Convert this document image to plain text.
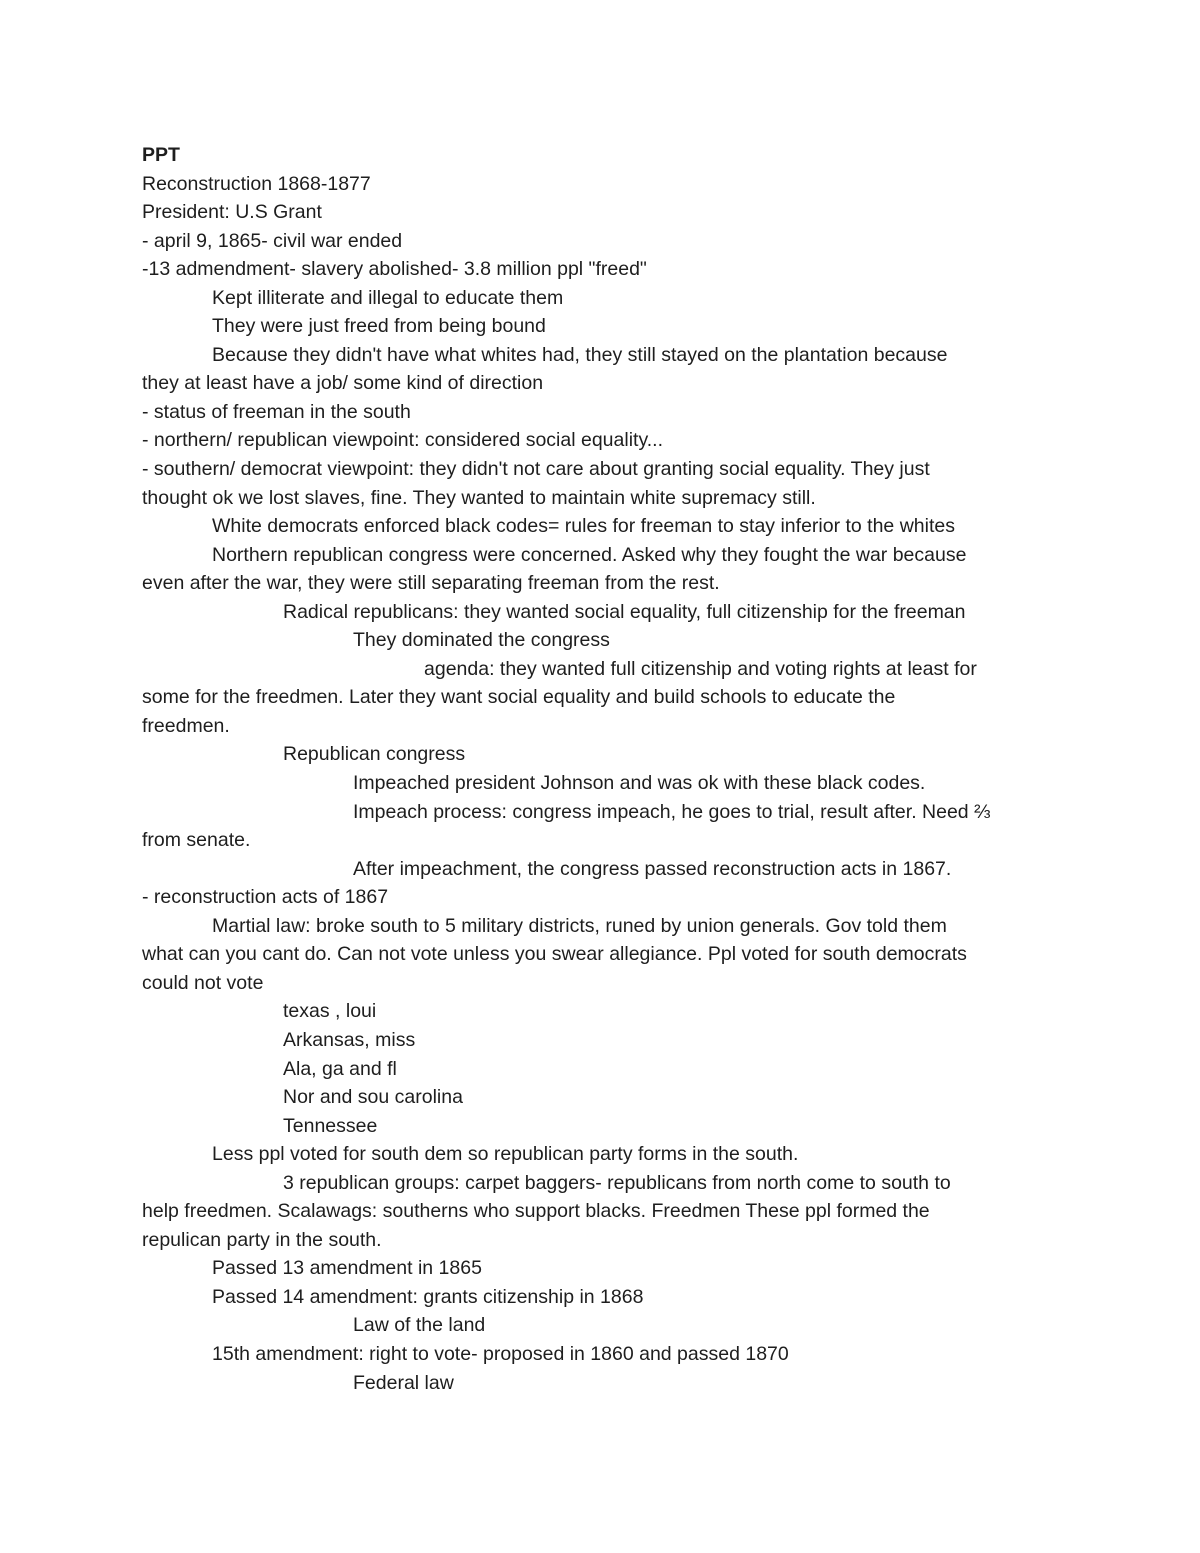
PPT
Reconstruction 1868-1877
President: U.S Grant
- april 9, 1865- civil war ended
-13 admendment- slavery abolished- 3.8 million ppl "freed"
Kept illiterate and illegal to educate them
They were just freed from being bound
Because they didn't have what whites had, they still stayed on the plantation because
they at least have a job/ some kind of direction
- status of freeman in the south
- northern/ republican viewpoint: considered social equality...
- southern/ democrat viewpoint: they didn't not care about granting social equality. They just
thought ok we lost slaves, fine. They wanted to maintain white supremacy still.
White democrats enforced black codes= rules for freeman to stay inferior to the whites
Northern republican congress were concerned. Asked why they fought the war because
even after the war, they were still separating freeman from the rest.
Radical republicans: they wanted social equality, full citizenship for the freeman
They dominated the congress
agenda: they wanted full citizenship and voting rights at least for
some for the freedmen. Later they want social equality and build schools to educate the
freedmen.
Republican congress
Impeached president Johnson and was ok with these black codes.
Impeach process: congress impeach, he goes to trial, result after. Need ⅔
from senate.
After impeachment, the congress passed reconstruction acts in 1867.
- reconstruction acts of 1867
Martial law: broke south to 5 military districts, runed by union generals. Gov told them
what can you cant do. Can not vote unless you swear allegiance. Ppl voted for south democrats
could not vote
texas , loui
Arkansas, miss
Ala, ga and fl
Nor and sou carolina
Tennessee
Less ppl voted for south dem so republican party forms in the south.
3 republican groups: carpet baggers- republicans from north come to south to
help freedmen. Scalawags: southerns who support blacks. Freedmen These ppl formed the
repulican party in the south.
Passed 13 amendment in 1865
Passed 14 amendment: grants citizenship in 1868
Law of the land
15th amendment: right to vote- proposed in 1860 and passed 1870
Federal law
